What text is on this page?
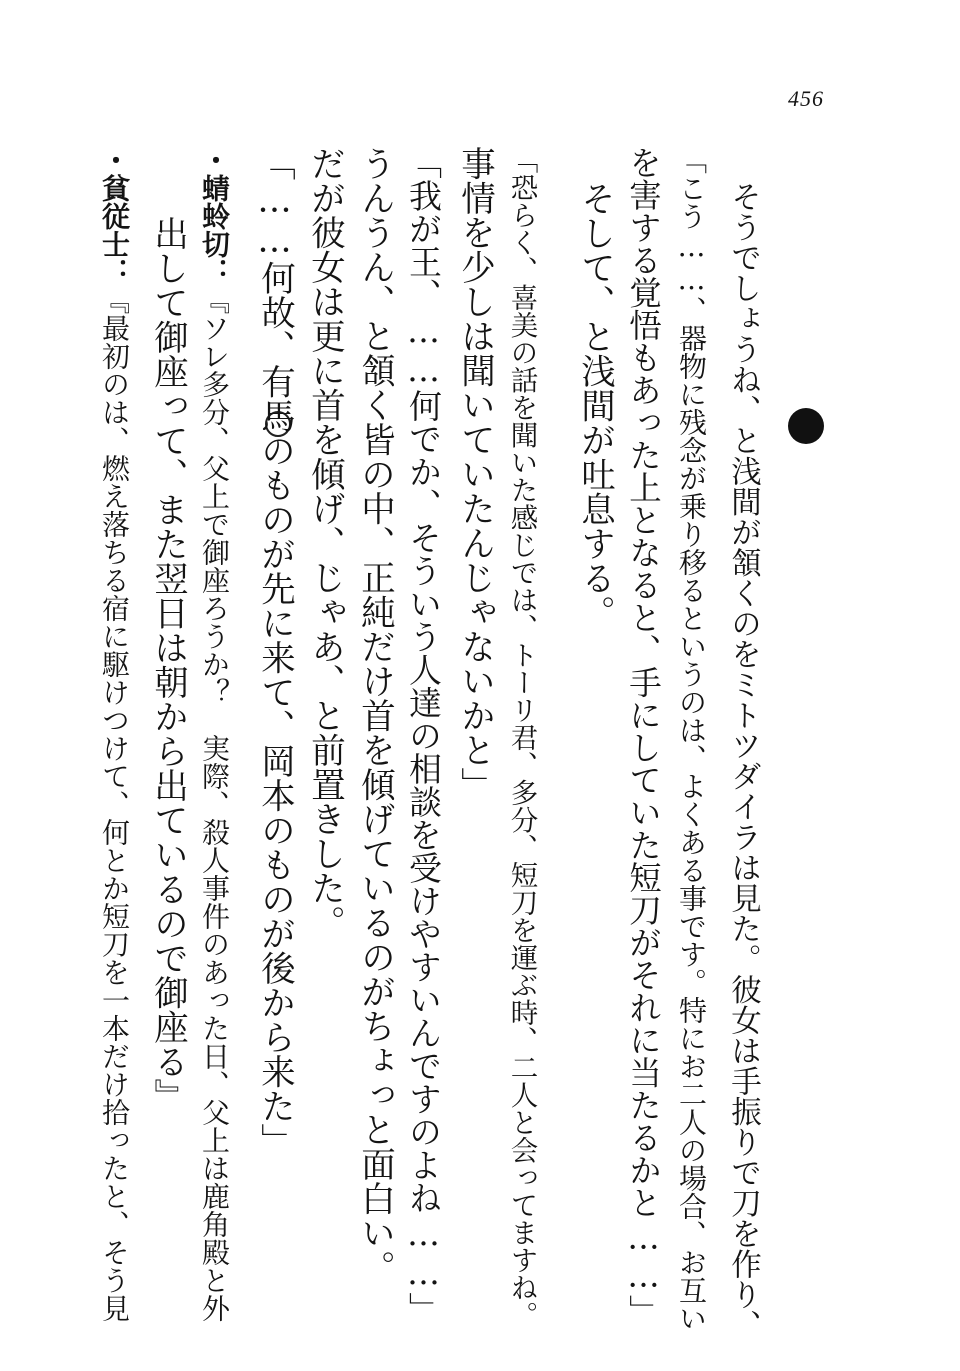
456
そうでしょうね、と浅間が頷くのをミトツダイラは見た。彼女は手振りで刀を作り、
「こう……、器物に残念が乗り移るというのは、よくある事です。特にお二人の場合、お互い
を害する覚悟もあった上となると、手にしていた短刀がそれに当たるかと……」
そして、と浅間が吐息する。
「恐らく、喜美の話を聞いた感じでは、トーリ君、多分、短刀を運ぶ時、二人と会ってますね。
事情を少しは聞いていたんじゃないかと」
「我が王、……何でか、そういう人達の相談を受けやすいんですのよね……」
うんうん、と頷く皆の中、正純だけ首を傾げているのがちょっと面白い。
だが彼女は更に首を傾げ、じゃあ、と前置きした。
「……何故、有馬のものが先に来て、岡本のものが後から来た」
・蜻蛉切：『ソレ多分、父上で御座ろうか？　実際、殺人事件のあった日、父上は鹿角殿と外
出して御座って、また翌日は朝から出ているので御座る』
・貧従士：『最初のは、燃え落ちる宿に駆けつけて、何とか短刀を一本だけ拾ったと、そう見
